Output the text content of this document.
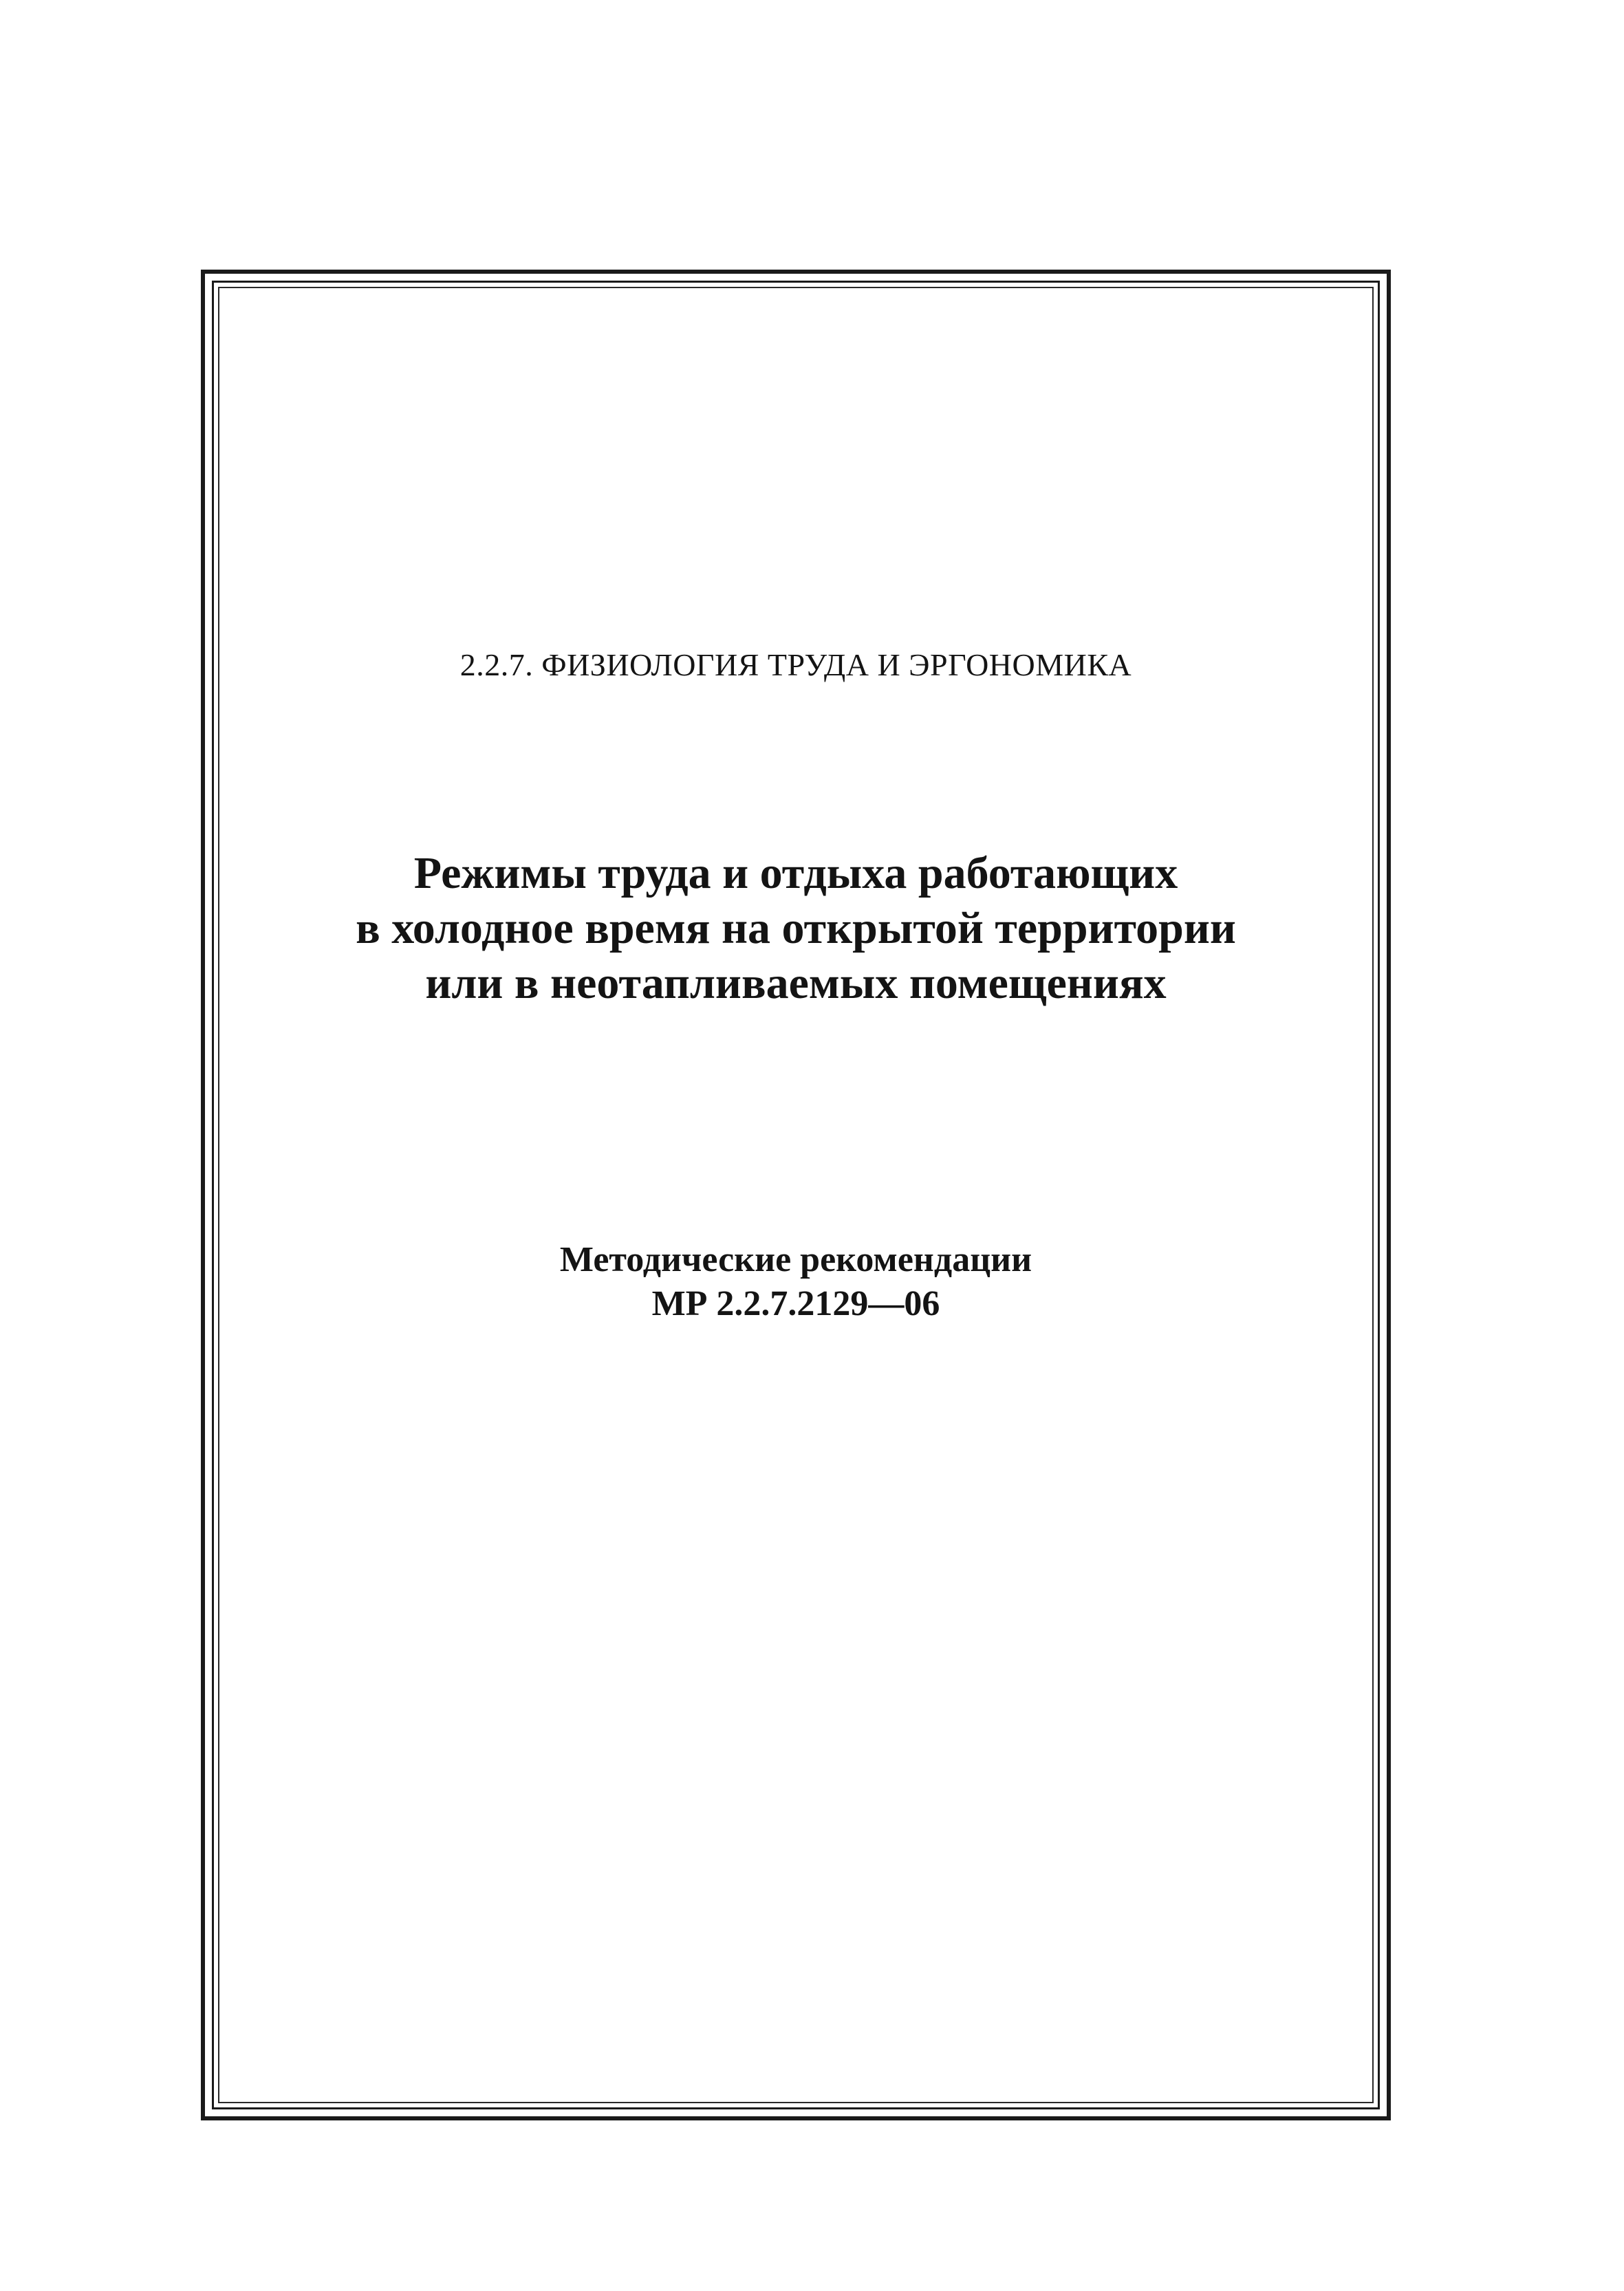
2.2.7. ФИЗИОЛОГИЯ ТРУДА И ЭРГОНОМИКА
Режимы труда и отдыха работающих
в холодное время на открытой территории
или в неотапливаемых помещениях
Методические рекомендации
МР 2.2.7.2129—06
